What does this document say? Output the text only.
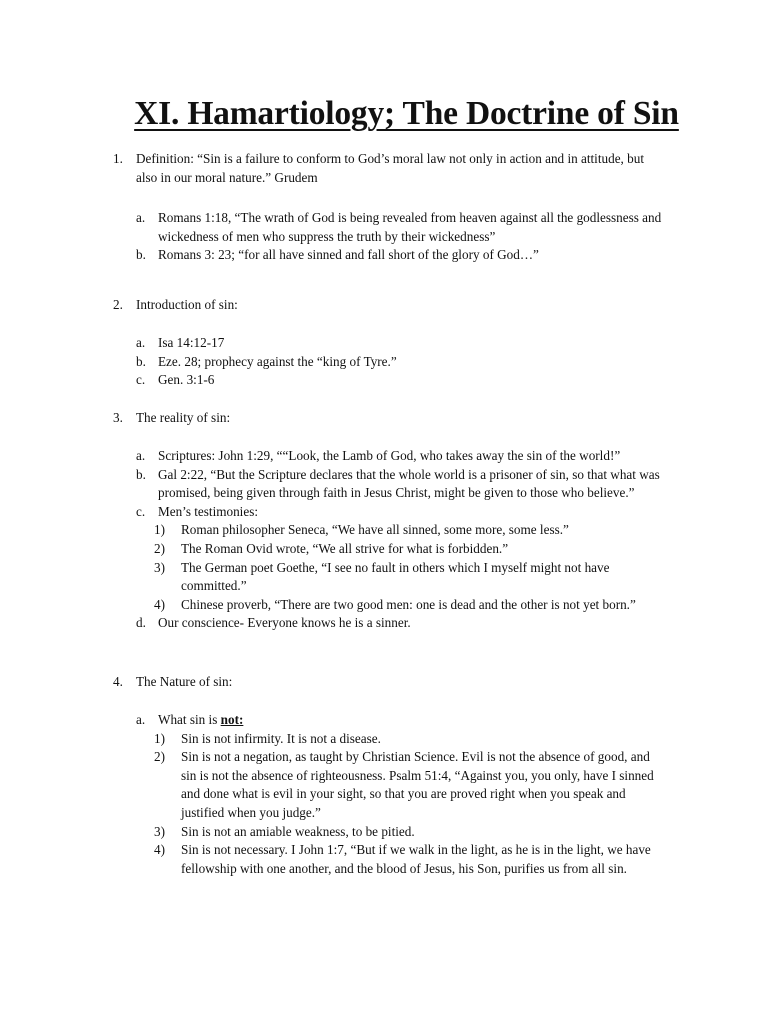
XI. Hamartiology; The Doctrine of Sin
1. Definition: “Sin is a failure to conform to God’s moral law not only in action and in attitude, but also in our moral nature.” Grudem
a. Romans 1:18, “The wrath of God is being revealed from heaven against all the godlessness and wickedness of men who suppress the truth by their wickedness”
b. Romans 3: 23; “for all have sinned and fall short of the glory of God…”
2. Introduction of sin:
a. Isa 14:12-17
b. Eze. 28; prophecy against the “king of Tyre.”
c. Gen. 3:1-6
3. The reality of sin:
a. Scriptures: John 1:29, ““Look, the Lamb of God, who takes away the sin of the world!”
b. Gal 2:22, “But the Scripture declares that the whole world is a prisoner of sin, so that what was promised, being given through faith in Jesus Christ, might be given to those who believe.”
c. Men’s testimonies:
1) Roman philosopher Seneca, “We have all sinned, some more, some less.”
2) The Roman Ovid wrote, “We all strive for what is forbidden.”
3) The German poet Goethe, “I see no fault in others which I myself might not have committed.”
4) Chinese proverb, “There are two good men: one is dead and the other is not yet born.”
d. Our conscience- Everyone knows he is a sinner.
4. The Nature of sin:
a. What sin is not:
1) Sin is not infirmity. It is not a disease.
2) Sin is not a negation, as taught by Christian Science. Evil is not the absence of good, and sin is not the absence of righteousness. Psalm 51:4, “Against you, you only, have I sinned and done what is evil in your sight, so that you are proved right when you speak and justified when you judge.”
3) Sin is not an amiable weakness, to be pitied.
4) Sin is not necessary. I John 1:7, “But if we walk in the light, as he is in the light, we have fellowship with one another, and the blood of Jesus, his Son, purifies us from all sin.
